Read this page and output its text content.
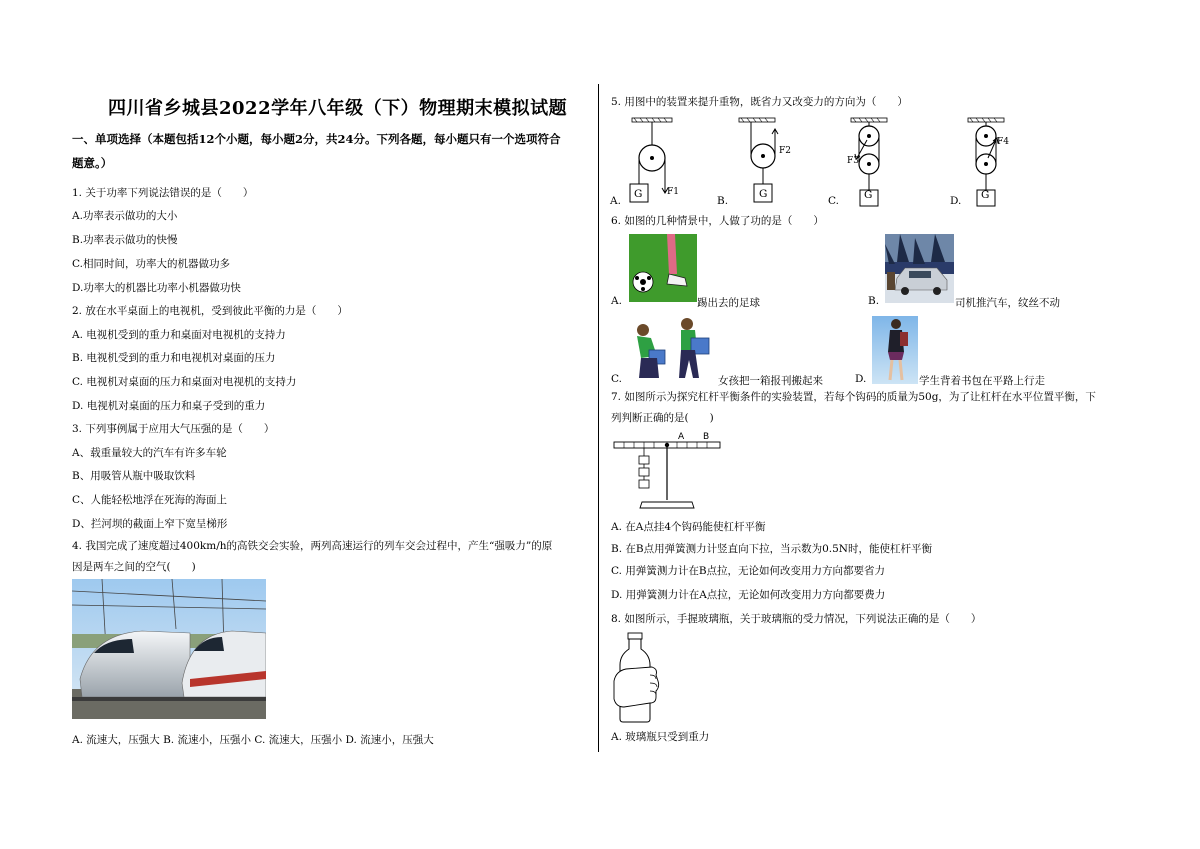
四川省乡城县2022学年八年级（下）物理期末模拟试题
一、单项选择（本题包括12个小题，每小题2分，共24分。下列各题，每小题只有一个选项符合
题意。）
1. 关于功率下列说法错误的是（　　）
A.功率表示做功的大小
B.功率表示做功的快慢
C.相同时间，功率大的机器做功多
D.功率大的机器比功率小机器做功快
2. 放在水平桌面上的电视机，受到彼此平衡的力是（　　）
A. 电视机受到的重力和桌面对电视机的支持力
B. 电视机受到的重力和电视机对桌面的压力
C. 电视机对桌面的压力和桌面对电视机的支持力
D. 电视机对桌面的压力和桌子受到的重力
3. 下列事例属于应用大气压强的是（　　）
A、载重量较大的汽车有许多车轮
B、用吸管从瓶中吸取饮料
C、人能轻松地浮在死海的海面上
D、拦河坝的截面上窄下宽呈梯形
4. 我国完成了速度超过400km/h的高铁交会实验，两列高速运行的列车交会过程中，产生“强吸力”的原
因是两车之间的空气(　　)
A. 流速大，压强大 B. 流速小，压强小 C. 流速大，压强小 D. 流速小，压强大
5. 用图中的装置来提升重物，既省力又改变力的方向为（　　）
G	F1
A.
G
F2
B.	G
F3
C.	G
F4
D.
6. 如图的几种情景中，人做了功的是（　　）
A.	踢出去的足球	B.	司机推汽车，纹丝不动
C.	女孩把一箱报刊搬起来	D.	学生背着书包在平路上行走
7. 如图所示为探究杠杆平衡条件的实验装置，若每个钩码的质量为50g，为了让杠杆在水平位置平衡，下
列判断正确的是(　　)
A B
A. 在A点挂4个钩码能使杠杆平衡
B. 在B点用弹簧测力计竖直向下拉，当示数为0.5N时，能使杠杆平衡
C. 用弹簧测力计在B点拉，无论如何改变用力方向都要省力
D. 用弹簧测力计在A点拉，无论如何改变用力方向都要费力
8. 如图所示，手握玻璃瓶，关于玻璃瓶的受力情况，下列说法正确的是（　　）
A. 玻璃瓶只受到重力
